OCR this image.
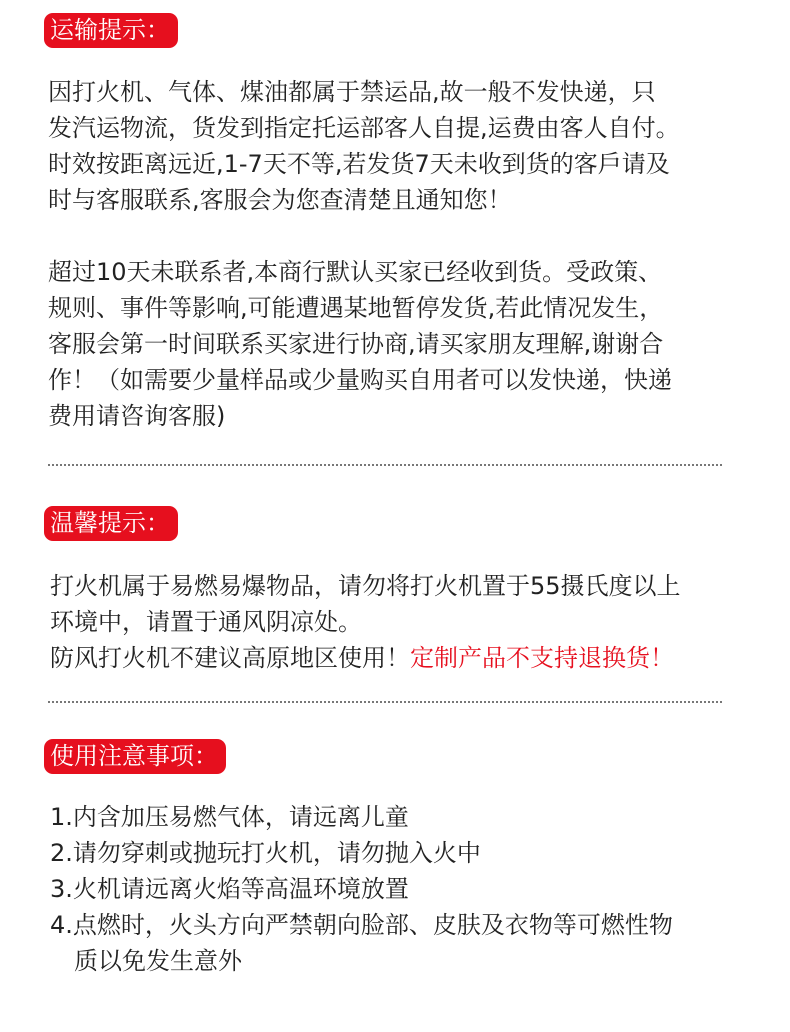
运输提示：
因打火机、气体、煤油都属于禁运品,故一般不发快递，只
发汽运物流，货发到指定托运部客人自提,运费由客人自付。
时效按距离远近,1-7天不等,若发货7天未收到货的客戶请及
时与客服联系,客服会为您查清楚且通知您！
超过10天未联系者,本商行默认买家已经收到货。受政策、
规则、事件等影响,可能遭遇某地暂停发货,若此情况发生，
客服会第一时间联系买家进行协商,请买家朋友理解,谢谢合
作！（如需要少量样品或少量购买自用者可以发快递，快递
费用请咨询客服)
温馨提示：
打火机属于易燃易爆物品，请勿将打火机置于55摄氏度以上
环境中，请置于通风阴凉处。
防风打火机不建议高原地区使用！定制产品不支持退换货！
使用注意事项：
1.内含加压易燃气体，请远离儿童
2.请勿穿刺或抛玩打火机，请勿抛入火中
3.火机请远离火焰等高温环境放置
4.点燃时，火头方向严禁朝向脸部、皮肤及衣物等可燃性物
质以免发生意外
